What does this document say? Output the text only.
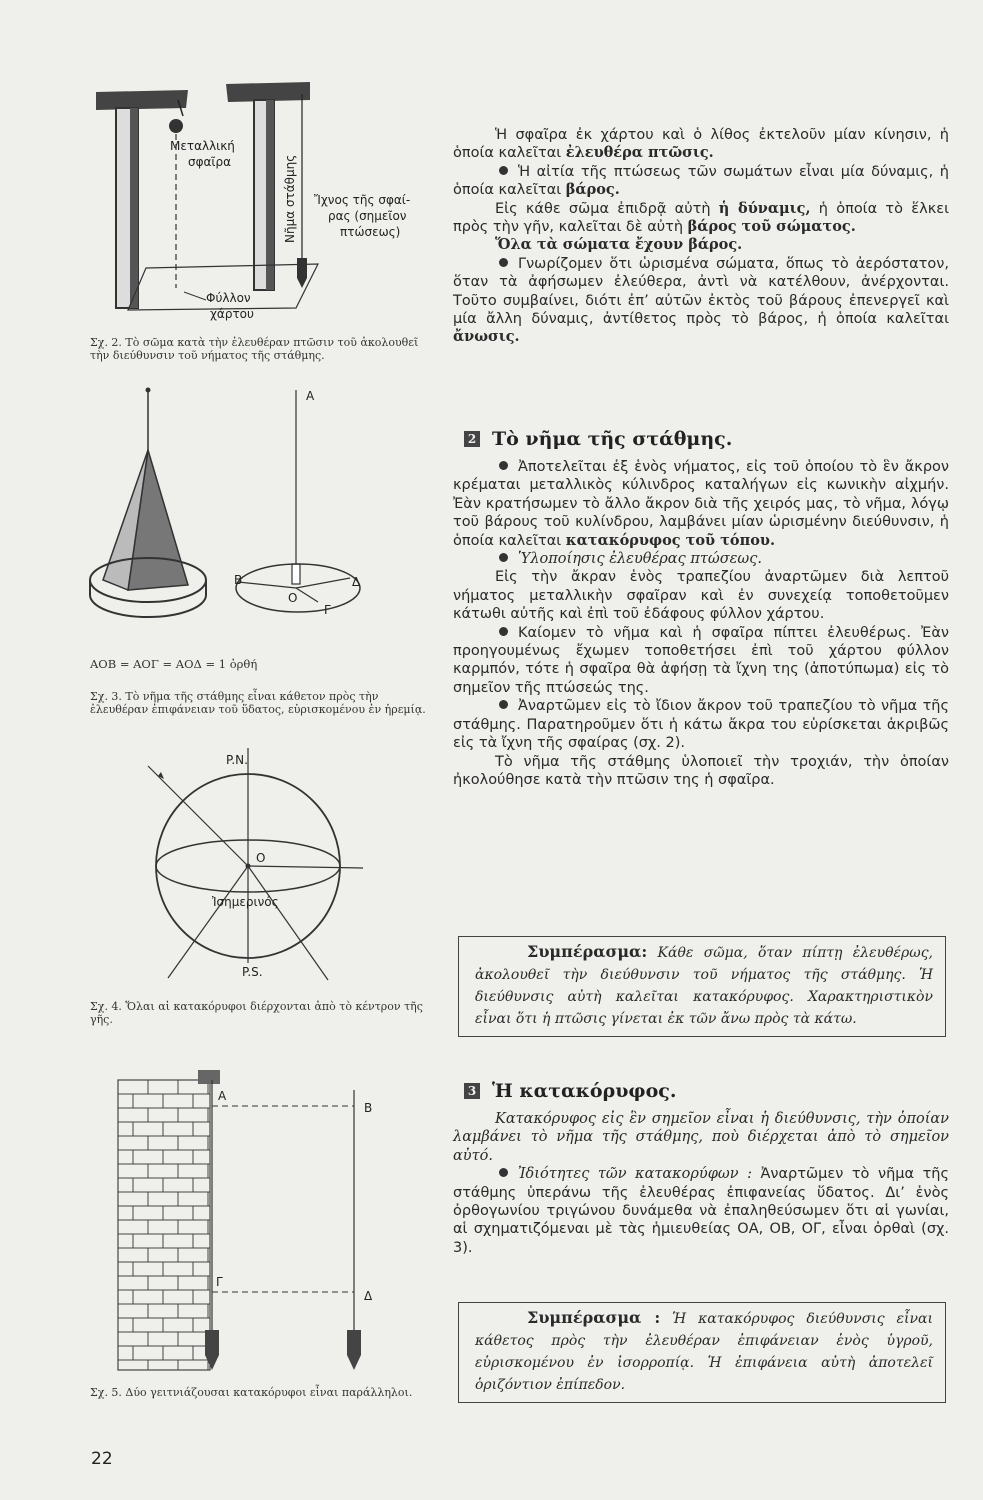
Μεταλλική
σφαῖρα
Ἴχνος τῆς σφαί-
ρας (σημεῖον
πτώσεως)
Φύλλον
χάρτου
Νῆμα στάθμης
Σχ. 2. Τὸ σῶμα κατὰ τὴν ἐλευθέραν πτῶσιν τοῦ ἀκολουθεῖ τὴν διεύθυνσιν τοῦ νήματος τῆς στάθμης.
Α
Β
Ο
Γ
Δ
AOB = ΑΟΓ = ΑΟΔ = 1 ὀρθή
Σχ. 3. Τὸ νῆμα τῆς στάθμης εἶναι κάθετον πρὸς τὴν ἐλευθέραν ἐπιφάνειαν τοῦ ὕδατος, εὑρισκομένου ἐν ἠρεμίᾳ.
P.N.
Ο
Ἰσημερινός
P.S.
Σχ. 4. Ὅλαι αἱ κατακόρυφοι διέρχονται ἀπὸ τὸ κέντρον τῆς γῆς.
Α
Β
Γ
Δ
Σχ. 5. Δύο γειτνιάζουσαι κατακόρυφοι εἶναι παράλληλοι.

Ἡ σφαῖρα ἐκ χάρτου καὶ ὁ λίθος ἐκτελοῦν μίαν κίνησιν, ἡ ὁποία καλεῖται ἐλευθέρα πτῶσις.

Ἡ αἰτία τῆς πτώσεως τῶν σωμάτων εἶναι μία δύναμις, ἡ ὁποία καλεῖται βάρος.

Εἰς κάθε σῶμα ἐπιδρᾷ αὐτὴ ἡ δύναμις, ἡ ὁποία τὸ ἕλκει πρὸς τὴν γῆν, καλεῖται δὲ αὐτὴ βάρος τοῦ σώματος.

Ὅλα τὰ σώματα ἔχουν βάρος.

Γνωρίζομεν ὅτι ὡρισμένα σώματα, ὅπως τὸ ἀερόστατον, ὅταν τὰ ἀφήσωμεν ἐλεύθερα, ἀντὶ νὰ κατέλθουν, ἀνέρχονται. Τοῦτο συμβαίνει, διότι ἐπ’ αὐτῶν ἐκτὸς τοῦ βάρους ἐπενεργεῖ καὶ μία ἄλλη δύναμις, ἀντίθετος πρὸς τὸ βάρος, ἡ ὁποία καλεῖται ἄνωσις.

2 Τὸ νῆμα τῆς στάθμης.

Ἀποτελεῖται ἐξ ἑνὸς νήματος, εἰς τοῦ ὁποίου τὸ ἓν ἄκρον κρέμαται μεταλλικὸς κύλινδρος καταλήγων εἰς κωνικὴν αἰχμήν. Ἐὰν κρατήσωμεν τὸ ἄλλο ἄκρον διὰ τῆς χειρός μας, τὸ νῆμα, λόγῳ τοῦ βάρους τοῦ κυλίνδρου, λαμβάνει μίαν ὡρισμένην διεύθυνσιν, ἡ ὁποία καλεῖται κατακόρυφος τοῦ τόπου.

Ὑλοποίησις ἐλευθέρας πτώσεως.

Εἰς τὴν ἄκραν ἑνὸς τραπεζίου ἀναρτῶμεν διὰ λεπτοῦ νήματος μεταλλικὴν σφαῖραν καὶ ἐν συνεχείᾳ τοποθετοῦμεν κάτωθι αὐτῆς καὶ ἐπὶ τοῦ ἐδάφους φύλλον χάρτου.

Καίομεν τὸ νῆμα καὶ ἡ σφαῖρα πίπτει ἐλευθέρως. Ἐὰν προηγουμένως ἔχωμεν τοποθετήσει ἐπὶ τοῦ χάρτου φύλλον καρμπόν, τότε ἡ σφαῖρα θὰ ἀφήσῃ τὰ ἴχνη της (ἀποτύπωμα) εἰς τὸ σημεῖον τῆς πτώσεώς της.

Ἀναρτῶμεν εἰς τὸ ἴδιον ἄκρον τοῦ τραπεζίου τὸ νῆμα τῆς στάθμης. Παρατηροῦμεν ὅτι ἡ κάτω ἄκρα του εὑρίσκεται ἀκριβῶς εἰς τὰ ἴχνη τῆς σφαίρας (σχ. 2).

Τὸ νῆμα τῆς στάθμης ὑλοποιεῖ τὴν τροχιάν, τὴν ὁποίαν ἠκολούθησε κατὰ τὴν πτῶσιν της ἡ σφαῖρα.

Συμπέρασμα: Κάθε σῶμα, ὅταν πίπτῃ ἐλευθέρως, ἀκολουθεῖ τὴν διεύθυνσιν τοῦ νήματος τῆς στάθμης. Ἡ διεύθυνσις αὐτὴ καλεῖται κατακόρυφος. Χαρακτηριστικὸν εἶναι ὅτι ἡ πτῶσις γίνεται ἐκ τῶν ἄνω πρὸς τὰ κάτω.
3 Ἡ κατακόρυφος.

Κατακόρυφος εἰς ἓν σημεῖον εἶναι ἡ διεύθυνσις, τὴν ὁποίαν λαμβάνει τὸ νῆμα τῆς στάθμης, ποὺ διέρχεται ἀπὸ τὸ σημεῖον αὐτό.

Ἰδιότητες τῶν κατακορύφων : Ἀναρτῶμεν τὸ νῆμα τῆς στάθμης ὑπεράνω τῆς ἐλευθέρας ἐπιφανείας ὕδατος. Δι’ ἑνὸς ὀρθογωνίου τριγώνου δυνάμεθα νὰ ἐπαληθεύσωμεν ὅτι αἱ γωνίαι, αἱ σχηματιζόμεναι μὲ τὰς ἡμιευθείας ΟΑ, ΟΒ, ΟΓ, εἶναι ὀρθαὶ (σχ. 3).

Συμπέρασμα : Ἡ κατακόρυφος διεύθυνσις εἶναι κάθετος πρὸς τὴν ἐλευθέραν ἐπιφάνειαν ἑνὸς ὑγροῦ, εὑρισκομένου ἐν ἰσορροπίᾳ. Ἡ ἐπιφάνεια αὐτὴ ἀποτελεῖ ὁριζόντιον ἐπίπεδον.
22
